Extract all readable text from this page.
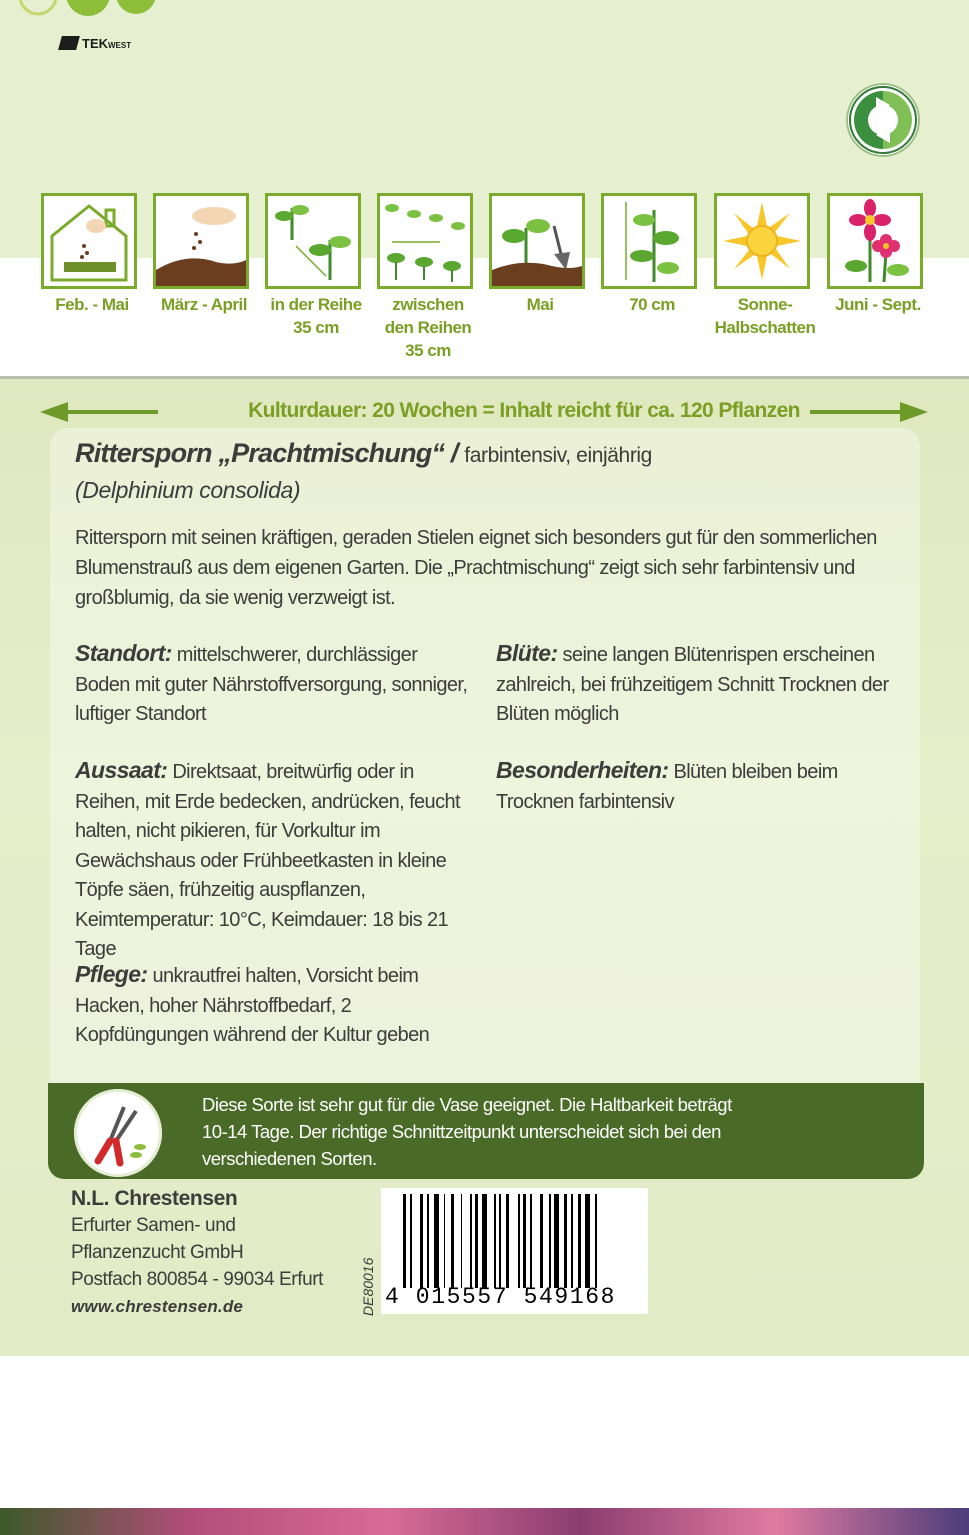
TEKWEST
Feb. - Mai	März - April	in der Reihe 35 cm
zwischen den Reihen 35 cm
Mai	70 cm	Sonne- Halbschatten
Juni - Sept.
Kulturdauer: 20 Wochen = Inhalt reicht für ca. 120 Pflanzen
Rittersporn „Prachtmischung“ / farbintensiv, einjährig
(Delphinium consolida)
Rittersporn mit seinen kräftigen, geraden Stielen eignet sich besonders gut für den sommerlichen Blumenstrauß aus dem eigenen Garten. Die „Prachtmischung“ zeigt sich sehr farbintensiv und großblumig, da sie wenig verzweigt ist.
Standort: mittelschwerer, durchlässiger Boden mit guter Nährstoffversorgung, sonniger, luftiger Standort
Aussaat: Direktsaat, breitwürfig oder in Reihen, mit Erde bedecken, andrücken, feucht halten, nicht pikieren, für Vorkultur im Gewächshaus oder Frühbeetkasten in kleine Töpfe säen, frühzeitig auspflanzen, Keimtemperatur: 10°C, Keimdauer: 18 bis 21 Tage
Pflege: unkrautfrei halten, Vorsicht beim Hacken, hoher Nährstoffbedarf, 2 Kopfdüngungen während der Kultur geben
Blüte: seine langen Blütenrispen erscheinen zahlreich, bei frühzeitigem Schnitt Trocknen der Blüten möglich
Besonderheiten: Blüten bleiben beim Trocknen farbintensiv
Diese Sorte ist sehr gut für die Vase geeignet. Die Haltbarkeit beträgt 10-14 Tage. Der richtige Schnittzeitpunkt unterscheidet sich bei den verschiedenen Sorten.
N.L. Chrestensen
Erfurter Samen- und
Pflanzenzucht GmbH
Postfach 800854 - 99034 Erfurt
www.chrestensen.de	DE80016 4 015557 549168
